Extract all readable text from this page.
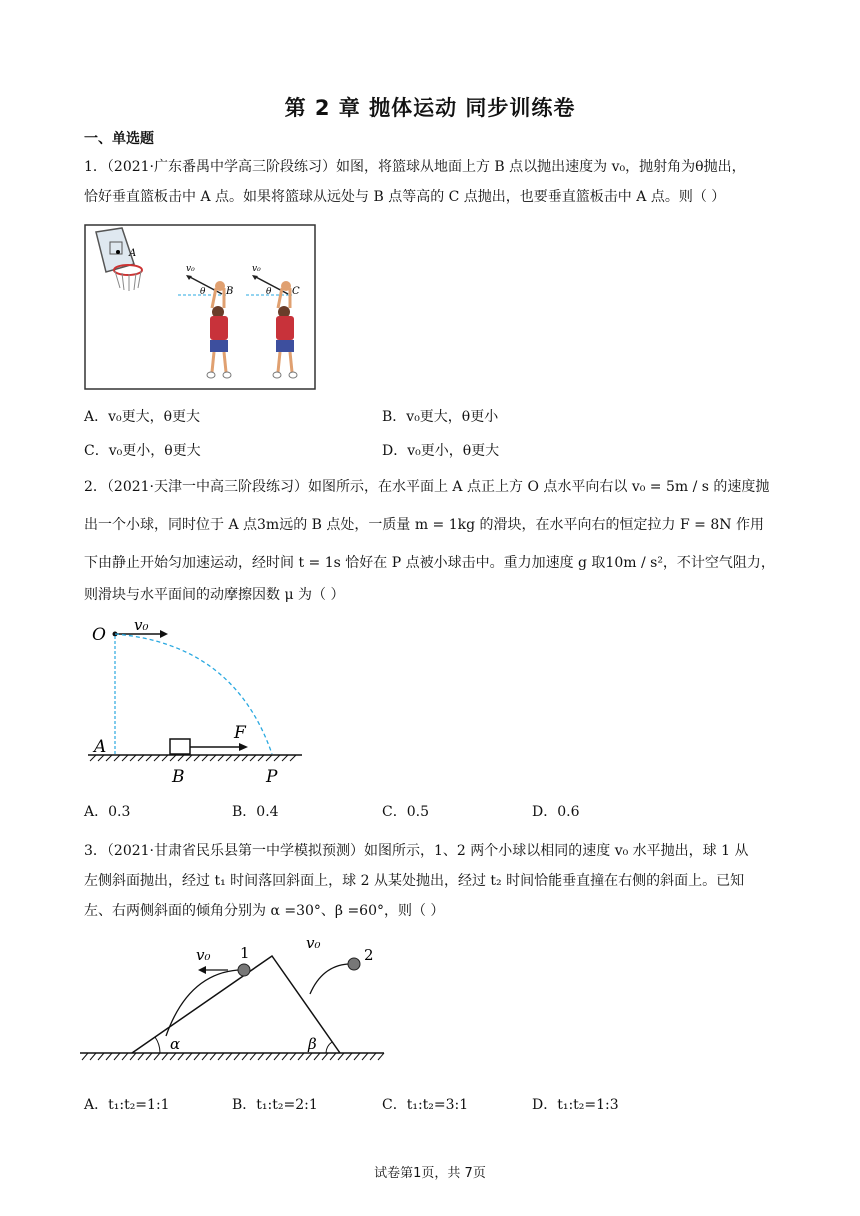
第 2 章 抛体运动 同步训练卷
一、单选题
1．（2021·广东番禺中学高三阶段练习）如图，将篮球从地面上方 B 点以抛出速度为 v₀，抛射角为θ抛出，
恰好垂直篮板击中 A 点。如果将篮球从远处与 B 点等高的 C 点抛出，也要垂直篮板击中 A 点。则（ ）
A
v₀
θ B
v₀
θ C
A．v₀更大，θ更大	B．v₀更大，θ更小
C．v₀更小，θ更大	D．v₀更小，θ更大
2．（2021·天津一中高三阶段练习）如图所示，在水平面上 A 点正上方 O 点水平向右以 v₀ = 5m / s 的速度抛
出一个小球，同时位于 A 点3m远的 B 点处，一质量 m = 1kg 的滑块，在水平向右的恒定拉力 F = 8N 作用
下由静止开始匀加速运动，经时间 t = 1s 恰好在 P 点被小球击中。重力加速度 g 取10m / s²，不计空气阻力，
则滑块与水平面间的动摩擦因数 μ 为（ ）
O v₀
F
A
B	P
A．0.3	B．0.4	C．0.5	D．0.6
3．（2021·甘肃省民乐县第一中学模拟预测）如图所示，1、2 两个小球以相同的速度 v₀ 水平抛出，球 1 从
左侧斜面抛出，经过 t₁ 时间落回斜面上，球 2 从某处抛出，经过 t₂ 时间恰能垂直撞在右侧的斜面上。已知
左、右两侧斜面的倾角分别为 α =30°、β =60°，则（ ）
α	β
v₀ 1
v₀
2
A．t₁:t₂=1:1	B．t₁:t₂=2:1	C．t₁:t₂=3:1	D．t₁:t₂=1:3
试卷第1页，共 7页
